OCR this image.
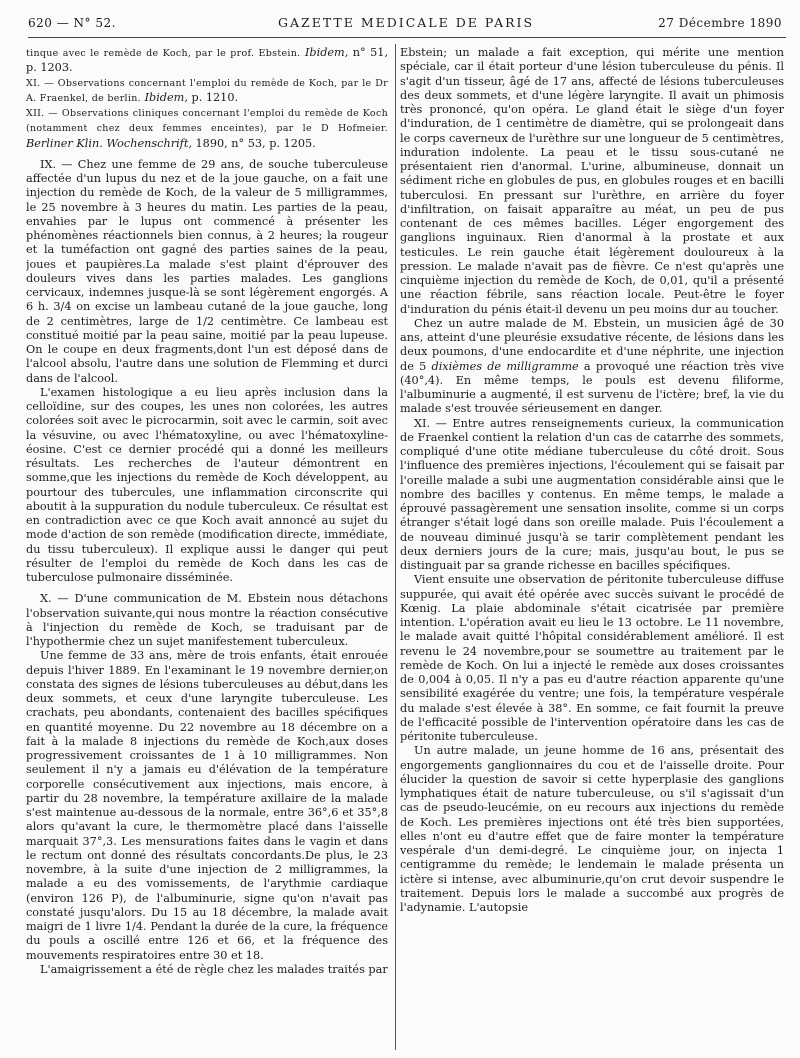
620 — N° 52.	GAZETTE MEDICALE DE PARIS	27 Décembre 1890

tinque avec le remède de Koch, par le prof. Ebstein. Ibidem, n° 51, p. 1203.

XI. — Observations concernant l'emploi du remède de Koch, par le Dr A. Fraenkel, de berlin. Ibidem, p. 1210.

XII. — Observations cliniques concernant l'emploi du remède de Koch (notamment chez deux femmes enceintes), par le D Hofmeier. Berliner Klin. Wochenschrift, 1890, n° 53, p. 1205.

IX. — Chez une femme de 29 ans, de souche tuberculeuse affectée d'un lupus du nez et de la joue gauche, on a fait une injection du remède de Koch, de la valeur de 5 milligrammes, le 25 novembre à 3 heures du matin. Les parties de la peau, envahies par le lupus ont commencé à présenter les phénomènes réactionnels bien connus, à 2 heures; la rougeur et la tuméfaction ont gagné des parties saines de la peau, joues et paupières.La malade s'est plaint d'éprouver des douleurs vives dans les parties malades. Les ganglions cervicaux, indemnes jusque-là se sont légèrement engorgés. A 6 h. 3/4 on excise un lambeau cutané de la joue gauche, long de 2 centimètres, large de 1/2 centimètre. Ce lambeau est constitué moitié par la peau saine, moitié par la peau lupeuse. On le coupe en deux fragments,dont l'un est déposé dans de l'alcool absolu, l'autre dans une solution de Flemming et durci dans de l'alcool.

L'examen histologique a eu lieu après inclusion dans la celloïdine, sur des coupes, les unes non colorées, les autres colorées soit avec le picrocarmin, soit avec le carmin, soit avec la vésuvine, ou avec l'hématoxyline, ou avec l'hématoxyline-éosine. C'est ce dernier procédé qui a donné les meilleurs résultats. Les recherches de l'auteur démontrent en somme,que les injections du remède de Koch développent, au pourtour des tubercules, une inflammation circonscrite qui aboutit à la suppuration du nodule tuberculeux. Ce résultat est en contradiction avec ce que Koch avait annoncé au sujet du mode d'action de son remède (modification directe, immédiate, du tissu tuberculeux). Il explique aussi le danger qui peut résulter de l'emploi du remède de Koch dans les cas de tuberculose pulmonaire disséminée.

X. — D'une communication de M. Ebstein nous détachons l'observation suivante,qui nous montre la réaction consécutive à l'injection du remède de Koch, se traduisant par de l'hypothermie chez un sujet manifestement tuberculeux.

Une femme de 33 ans, mère de trois enfants, était enrouée depuis l'hiver 1889. En l'examinant le 19 novembre dernier,on constata des signes de lésions tuberculeuses au début,dans les deux sommets, et ceux d'une laryngite tuberculeuse. Les crachats, peu abondants, contenaient des bacilles spécifiques en quantité moyenne. Du 22 novembre au 18 décembre on a fait à la malade 8 injections du remède de Koch,aux doses progressivement croissantes de 1 à 10 milligrammes. Non seulement il n'y a jamais eu d'élévation de la température corporelle consécutivement aux injections, mais encore, à partir du 28 novembre, la température axillaire de la malade s'est maintenue au-dessous de la normale, entre 36°,6 et 35°,8 alors qu'avant la cure, le thermomètre placé dans l'aisselle marquait 37°,3. Les mensurations faites dans le vagin et dans le rectum ont donné des résultats concordants.De plus, le 23 novembre, à la suite d'une injection de 2 milligrammes, la malade a eu des vomissements, de l'arythmie cardiaque (environ 126 P), de l'albuminurie, signe qu'on n'avait pas constaté jusqu'alors. Du 15 au 18 décembre, la malade avait maigri de 1 livre 1/4. Pendant la durée de la cure, la fréquence du pouls a oscillé entre 126 et 66, et la fréquence des mouvements respiratoires entre 30 et 18.

L'amaigrissement a été de règle chez les malades traités par

Ebstein; un malade a fait exception, qui mérite une mention spéciale, car il était porteur d'une lésion tuberculeuse du pénis. Il s'agit d'un tisseur, âgé de 17 ans, affecté de lésions tuberculeuses des deux sommets, et d'une légère laryngite. Il avait un phimosis très prononcé, qu'on opéra. Le gland était le siège d'un foyer d'induration, de 1 centimètre de diamètre, qui se prolongeait dans le corps caverneux de l'urèthre sur une longueur de 5 centimètres, induration indolente. La peau et le tissu sous-cutané ne présentaient rien d'anormal. L'urine, albumineuse, donnait un sédiment riche en globules de pus, en globules rouges et en bacilli tuberculosi. En pressant sur l'urèthre, en arrière du foyer d'infiltration, on faisait apparaître au méat, un peu de pus contenant de ces mêmes bacilles. Léger engorgement des ganglions inguinaux. Rien d'anormal à la prostate et aux testicules. Le rein gauche était légèrement douloureux à la pression. Le malade n'avait pas de fièvre. Ce n'est qu'après une cinquième injection du remède de Koch, de 0,01, qu'il a présenté une réaction fébrile, sans réaction locale. Peut-être le foyer d'induration du pénis était-il devenu un peu moins dur au toucher.

Chez un autre malade de M. Ebstein, un musicien âgé de 30 ans, atteint d'une pleurésie exsudative récente, de lésions dans les deux poumons, d'une endocardite et d'une néphrite, une injection de 5 dixièmes de milligramme a provoqué une réaction très vive (40°,4). En même temps, le pouls est devenu filiforme, l'albuminurie a augmenté, il est survenu de l'ictère; bref, la vie du malade s'est trouvée sérieusement en danger.

XI. — Entre autres renseignements curieux, la communication de Fraenkel contient la relation d'un cas de catarrhe des sommets, compliqué d'une otite médiane tuberculeuse du côté droit. Sous l'influence des premières injections, l'écoulement qui se faisait par l'oreille malade a subi une augmentation considérable ainsi que le nombre des bacilles y contenus. En même temps, le malade a éprouvé passagèrement une sensation insolite, comme si un corps étranger s'était logé dans son oreille malade. Puis l'écoulement a de nouveau diminué jusqu'à se tarir complètement pendant les deux derniers jours de la cure; mais, jusqu'au bout, le pus se distinguait par sa grande richesse en bacilles spécifiques.

Vient ensuite une observation de péritonite tuberculeuse diffuse suppurée, qui avait été opérée avec succès suivant le procédé de Kœnig. La plaie abdominale s'était cicatrisée par première intention. L'opération avait eu lieu le 13 octobre. Le 11 novembre, le malade avait quitté l'hôpital considérablement amélioré. Il est revenu le 24 novembre,pour se soumettre au traitement par le remède de Koch. On lui a injecté le remède aux doses croissantes de 0,004 à 0,05. Il n'y a pas eu d'autre réaction apparente qu'une sensibilité exagérée du ventre; une fois, la température vespérale du malade s'est élevée à 38°. En somme, ce fait fournit la preuve de l'efficacité possible de l'intervention opératoire dans les cas de péritonite tuberculeuse.

Un autre malade, un jeune homme de 16 ans, présentait des engorgements ganglionnaires du cou et de l'aisselle droite. Pour élucider la question de savoir si cette hyperplasie des ganglions lymphatiques était de nature tuberculeuse, ou s'il s'agissait d'un cas de pseudo-leucémie, on eu recours aux injections du remède de Koch. Les premières injections ont été très bien supportées, elles n'ont eu d'autre effet que de faire monter la température vespérale d'un demi-degré. Le cinquième jour, on injecta 1 centigramme du remède; le lendemain le malade présenta un ictère si intense, avec albuminurie,qu'on crut devoir suspendre le traitement. Depuis lors le malade a succombé aux progrès de l'adynamie. L'autopsie
